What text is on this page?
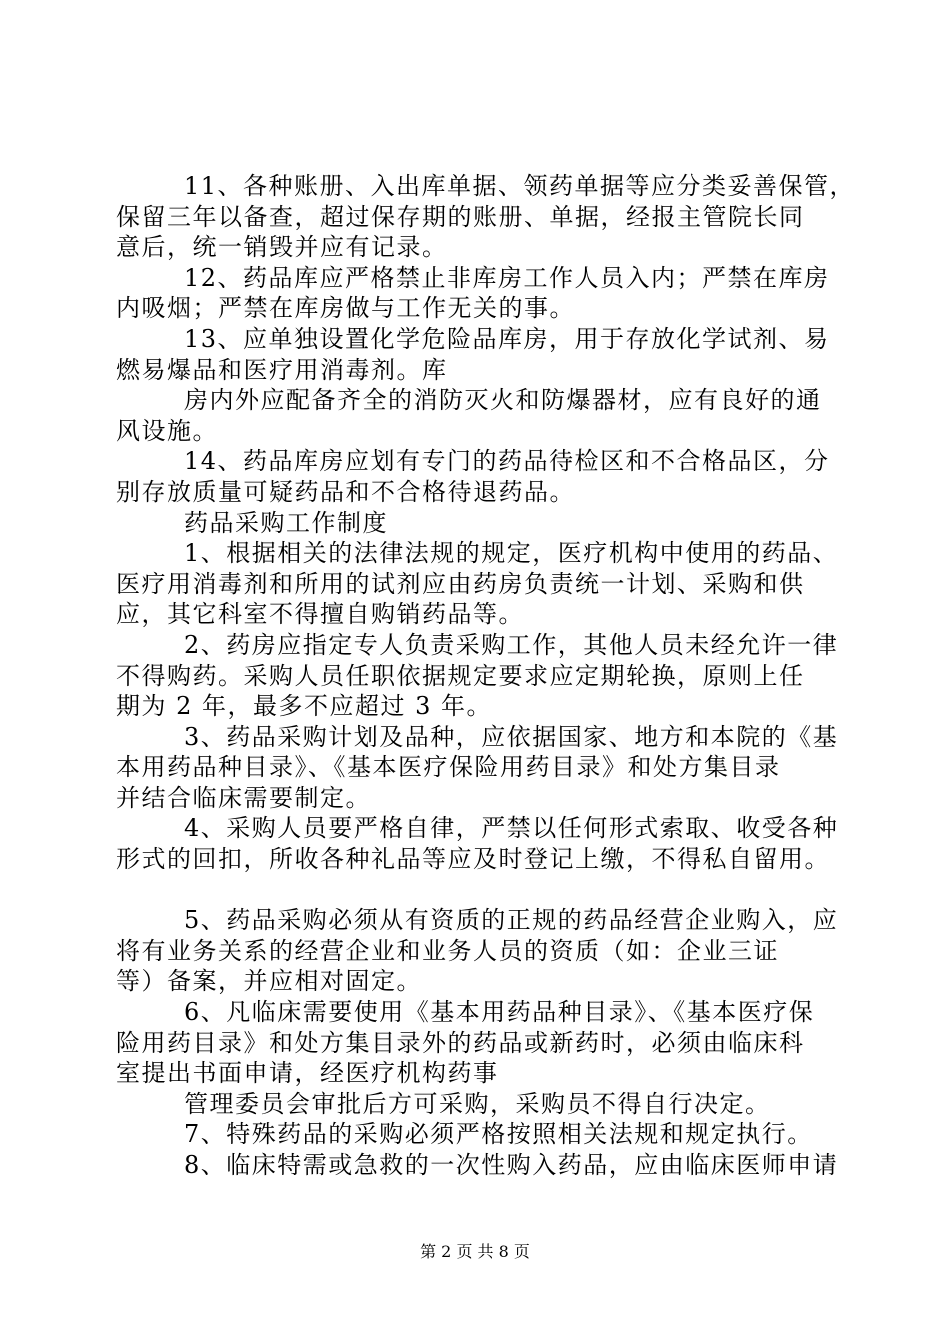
11、各种账册、入出库单据、领药单据等应分类妥善保管，
保留三年以备查，超过保存期的账册、单据，经报主管院长同
意后，统一销毁并应有记录。
12、药品库应严格禁止非库房工作人员入内；严禁在库房
内吸烟；严禁在库房做与工作无关的事。
13、应单独设置化学危险品库房，用于存放化学试剂、易
燃易爆品和医疗用消毒剂。库
房内外应配备齐全的消防灭火和防爆器材，应有良好的通
风设施。
14、药品库房应划有专门的药品待检区和不合格品区，分
别存放质量可疑药品和不合格待退药品。
药品采购工作制度
1、根据相关的法律法规的规定，医疗机构中使用的药品、
医疗用消毒剂和所用的试剂应由药房负责统一计划、采购和供
应，其它科室不得擅自购销药品等。
2、药房应指定专人负责采购工作，其他人员未经允许一律
不得购药。采购人员任职依据规定要求应定期轮换，原则上任
期为 2 年，最多不应超过 3 年。
3、药品采购计划及品种，应依据国家、地方和本院的《基
本用药品种目录》、《基本医疗保险用药目录》和处方集目录
并结合临床需要制定。
4、采购人员要严格自律，严禁以任何形式索取、收受各种
形式的回扣，所收各种礼品等应及时登记上缴，不得私自留用。
5、药品采购必须从有资质的正规的药品经营企业购入，应
将有业务关系的经营企业和业务人员的资质（如：企业三证
等）备案，并应相对固定。
6、凡临床需要使用《基本用药品种目录》、《基本医疗保
险用药目录》和处方集目录外的药品或新药时，必须由临床科
室提出书面申请，经医疗机构药事
管理委员会审批后方可采购，采购员不得自行决定。
7、特殊药品的采购必须严格按照相关法规和规定执行。
8、临床特需或急救的一次性购入药品，应由临床医师申请
第 2 页 共 8 页
